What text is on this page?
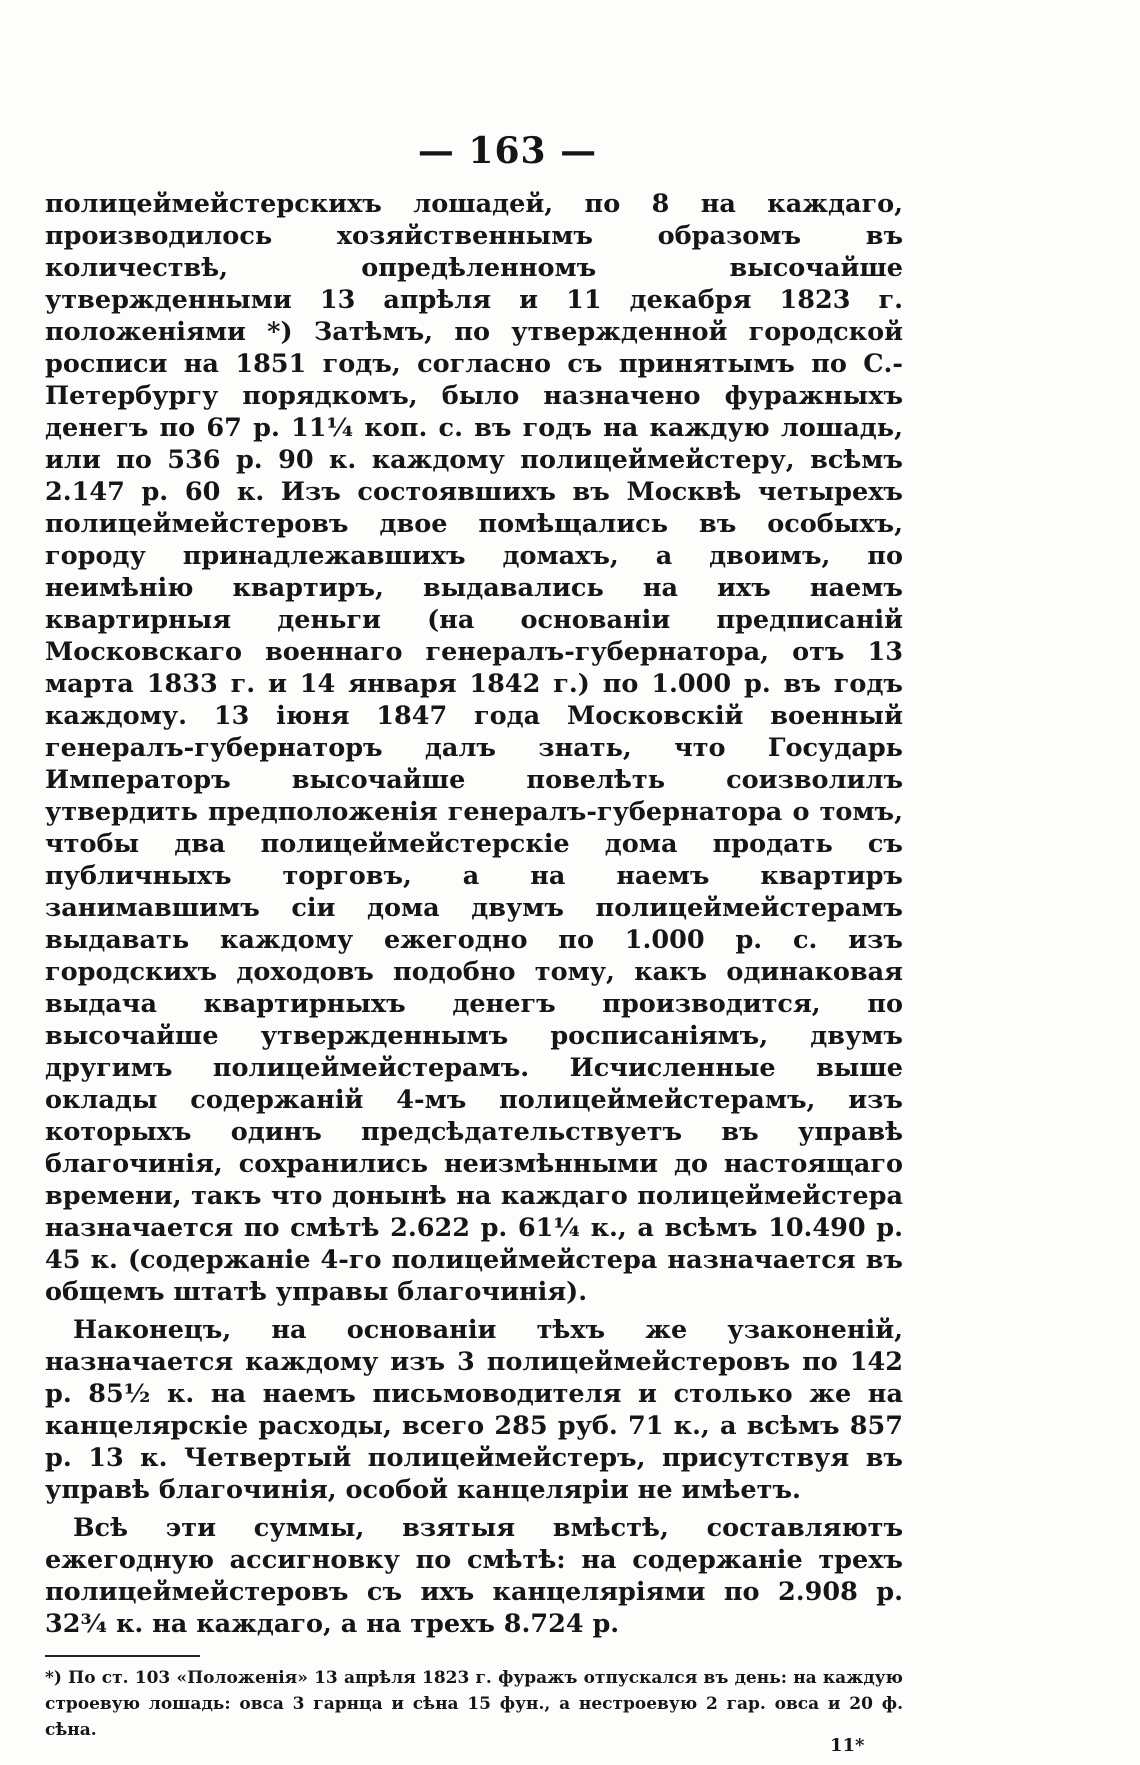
— 163 —

полицеймейстерскихъ лошадей, по 8 на каждаго, производилось хозяйственнымъ образомъ въ количествѣ, опредѣленномъ высочайше утвержденными 13 апрѣля и 11 декабря 1823 г. положеніями *) Затѣмъ, по утвержденной городской росписи на 1851 годъ, согласно съ принятымъ по С.-Петербургу порядкомъ, было назначено фуражныхъ денегъ по 67 р. 11¼ коп. с. въ годъ на каждую лошадь, или по 536 р. 90 к. каждому полицеймейстеру, всѣмъ 2.147 р. 60 к. Изъ состоявшихъ въ Москвѣ четырехъ полицеймейстеровъ двое помѣщались въ особыхъ, городу принадлежавшихъ домахъ, а двоимъ, по неимѣнію квартиръ, выдавались на ихъ наемъ квартирныя деньги (на основаніи предписаній Московскаго военнаго генералъ-губернатора, отъ 13 марта 1833 г. и 14 января 1842 г.) по 1.000 р. въ годъ каждому. 13 іюня 1847 года Московскій военный генералъ-губернаторъ далъ знать, что Государь Императоръ высочайше повелѣть соизволилъ утвердить предположенія генералъ-губернатора о томъ, чтобы два полицеймейстерскіе дома продать съ публичныхъ торговъ, а на наемъ квартиръ занимавшимъ сіи дома двумъ полицеймейстерамъ выдавать каждому ежегодно по 1.000 р. с. изъ городскихъ доходовъ подобно тому, какъ одинаковая выдача квартирныхъ денегъ производится, по высочайше утвержденнымъ росписаніямъ, двумъ другимъ полицеймейстерамъ. Исчисленные выше оклады содержаній 4-мъ полицеймейстерамъ, изъ которыхъ одинъ предсѣдательствуетъ въ управѣ благочинія, сохранились неизмѣнными до настоящаго времени, такъ что донынѣ на каждаго полицеймейстера назначается по смѣтѣ 2.622 р. 61¼ к., а всѣмъ 10.490 р. 45 к. (содержаніе 4-го полицеймейстера назначается въ общемъ штатѣ управы благочинія).

Наконецъ, на основаніи тѣхъ же узаконеній, назначается каждому изъ 3 полицеймейстеровъ по 142 р. 85½ к. на наемъ письмоводителя и столько же на канцелярскіе расходы, всего 285 руб. 71 к., а всѣмъ 857 р. 13 к. Четвертый полицеймейстеръ, присутствуя въ управѣ благочинія, особой канцеляріи не имѣетъ.

Всѣ эти суммы, взятыя вмѣстѣ, составляютъ ежегодную ассигновку по смѣтѣ: на содержаніе трехъ полицеймейстеровъ съ ихъ канцеляріями по 2.908 р. 32¾ к. на каждаго, а на трехъ 8.724 р.

*) По ст. 103 «Положенія» 13 апрѣля 1823 г. фуражъ отпускался въ день: на каждую строевую лошадь: овса 3 гарнца и сѣна 15 фун., а нестроевую 2 гар. овса и 20 ф. сѣна.
11*
